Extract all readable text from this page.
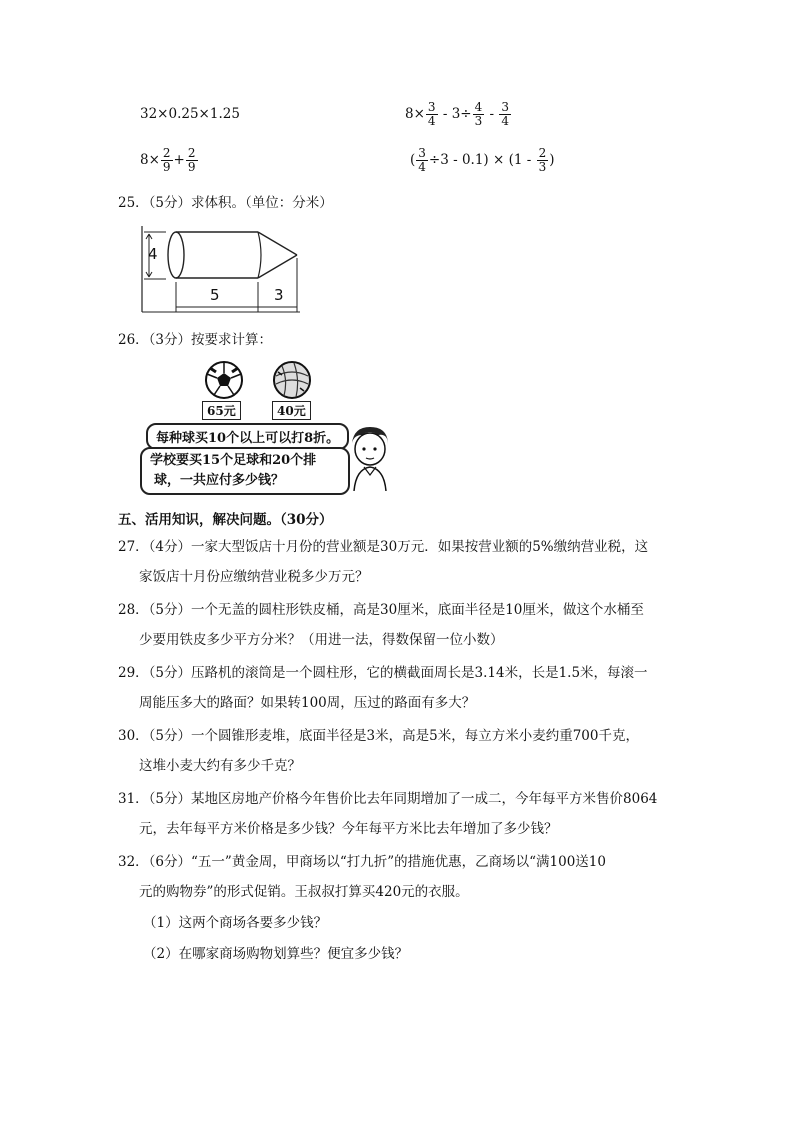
32×0.25×1.25	$8\times \frac{3}{4} - 3\div \frac{4}{3} - \frac{3}{4}$
$8\times \frac{2}{9} + \frac{2}{9}$	( $\frac{3}{4} \div 3 - 0.1) \times (1 - \frac{2}{3}$ )
25．（5分）求体积。（单位：分米）
4
5	3
26．（3分）按要求计算：
65元	40元
每种球买10个以上可以打8折。
学校要买15个足球和20个排
球，一共应付多少钱？
五、活用知识，解决问题。（30分）
27．（4分）一家大型饭店十月份的营业额是30万元．如果按营业额的5%缴纳营业税，这
家饭店十月份应缴纳营业税多少万元？
28．（5分）一个无盖的圆柱形铁皮桶，高是30厘米，底面半径是10厘米，做这个水桶至
少要用铁皮多少平方分米？（用进一法，得数保留一位小数）
29．（5分）压路机的滚筒是一个圆柱形，它的横截面周长是3.14米，长是1.5米，每滚一
周能压多大的路面？如果转100周，压过的路面有多大？
30．（5分）一个圆锥形麦堆，底面半径是3米，高是5米，每立方米小麦约重700千克，
这堆小麦大约有多少千克？
31．（5分）某地区房地产价格今年售价比去年同期增加了一成二，今年每平方米售价8064
元，去年每平方米价格是多少钱？今年每平方米比去年增加了多少钱？
32．（6分）“五一”黄金周，甲商场以“打九折”的措施优惠，乙商场以“满100送10
元的购物券”的形式促销。王叔叔打算买420元的衣服。
（1）这两个商场各要多少钱？
（2）在哪家商场购物划算些？便宜多少钱？
